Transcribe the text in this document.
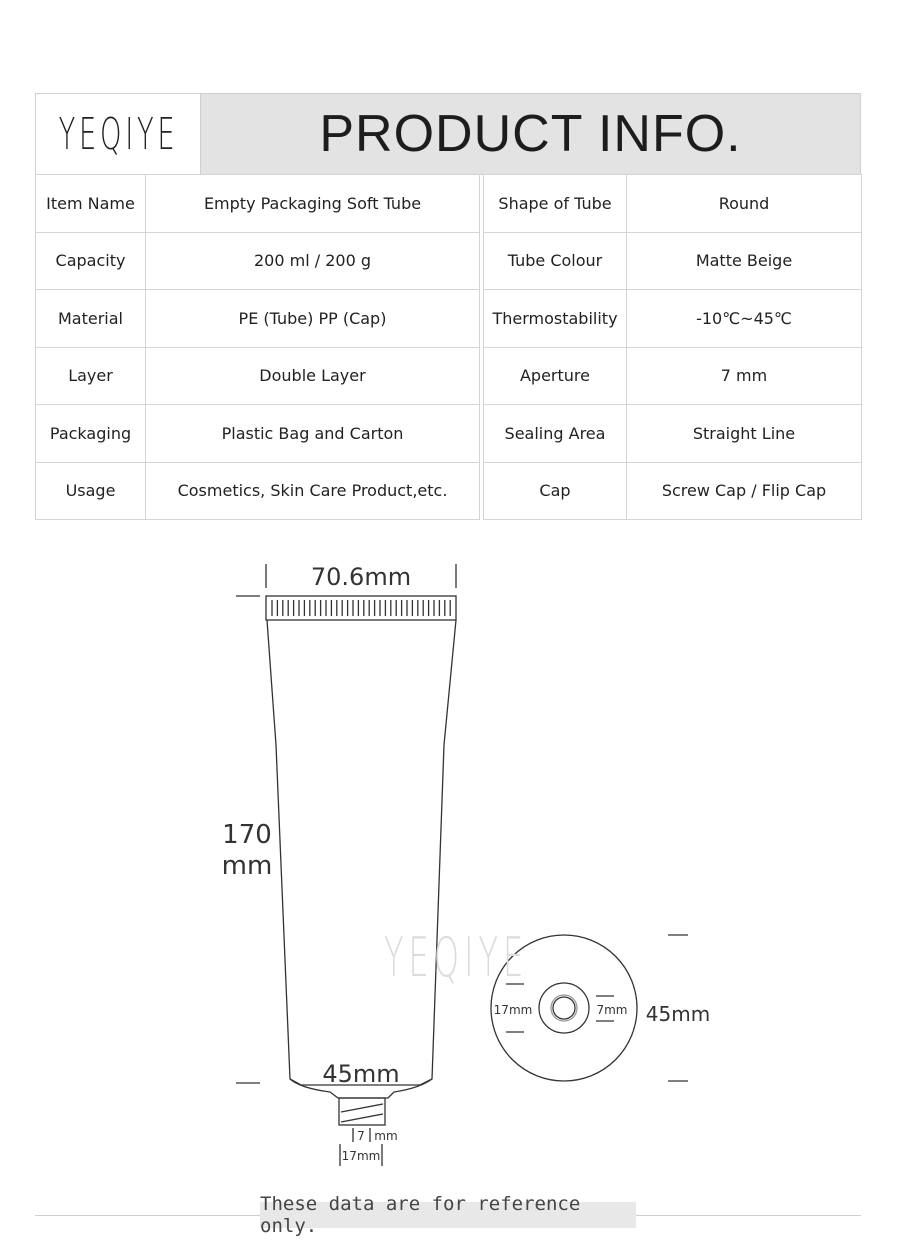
YEQIYE	PRODUCT INFO.
Item Name	Empty Packaging Soft Tube		Shape of Tube	Round
Capacity	200 ml / 200 g		Tube Colour	Matte Beige
Material	PE (Tube) PP (Cap)		Thermostability	-10℃~45℃
Layer	Double Layer		Aperture	7 mm
Packaging	Plastic Bag and Carton		Sealing Area	Straight Line
Usage	Cosmetics, Skin Care Product,etc.		Cap	Screw Cap / Flip Cap
70.6mm
170
mm
45mm
7 mm
17mm
YEQIYE
17mm	7mm 45mm
These data are for reference only.
